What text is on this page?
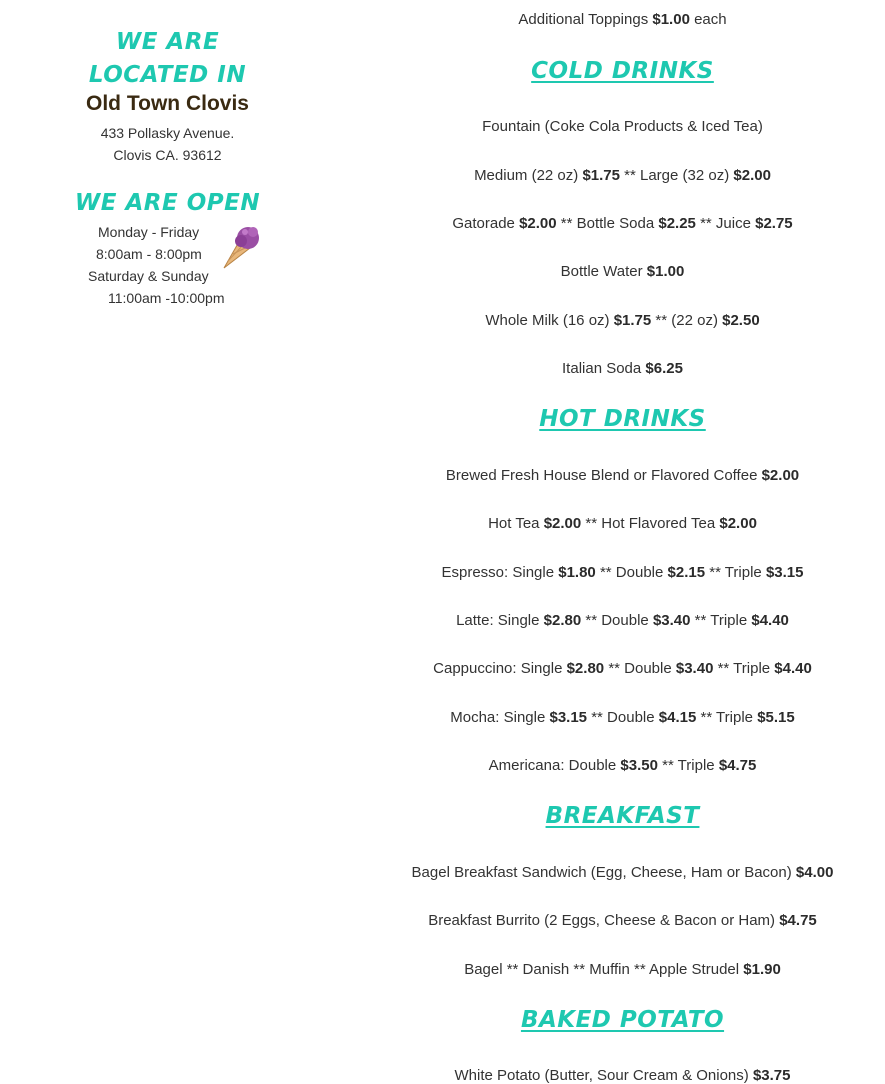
WE ARE LOCATED IN
Old Town Clovis
433 Pollasky Avenue.
Clovis CA. 93612
WE ARE OPEN
Monday - Friday
8:00am - 8:00pm
Saturday & Sunday
11:00am -10:00pm
Additional Toppings $1.00 each
COLD DRINKS
Fountain (Coke Cola Products & Iced Tea)
Medium (22 oz) $1.75 ** Large (32 oz) $2.00
Gatorade $2.00 ** Bottle Soda $2.25 ** Juice $2.75
Bottle Water $1.00
Whole Milk (16 oz) $1.75 ** (22 oz) $2.50
Italian Soda $6.25
HOT DRINKS
Brewed Fresh House Blend or Flavored Coffee $2.00
Hot Tea $2.00 ** Hot Flavored Tea $2.00
Espresso: Single $1.80 ** Double $2.15 ** Triple $3.15
Latte: Single $2.80 ** Double $3.40 ** Triple $4.40
Cappuccino: Single $2.80 ** Double $3.40 ** Triple $4.40
Mocha: Single $3.15 ** Double $4.15 ** Triple $5.15
Americana: Double $3.50 ** Triple $4.75
BREAKFAST
Bagel Breakfast Sandwich (Egg, Cheese, Ham or Bacon) $4.00
Breakfast Burrito (2 Eggs, Cheese & Bacon or Ham) $4.75
Bagel ** Danish ** Muffin ** Apple Strudel $1.90
BAKED POTATO
White Potato (Butter, Sour Cream & Onions) $3.75
